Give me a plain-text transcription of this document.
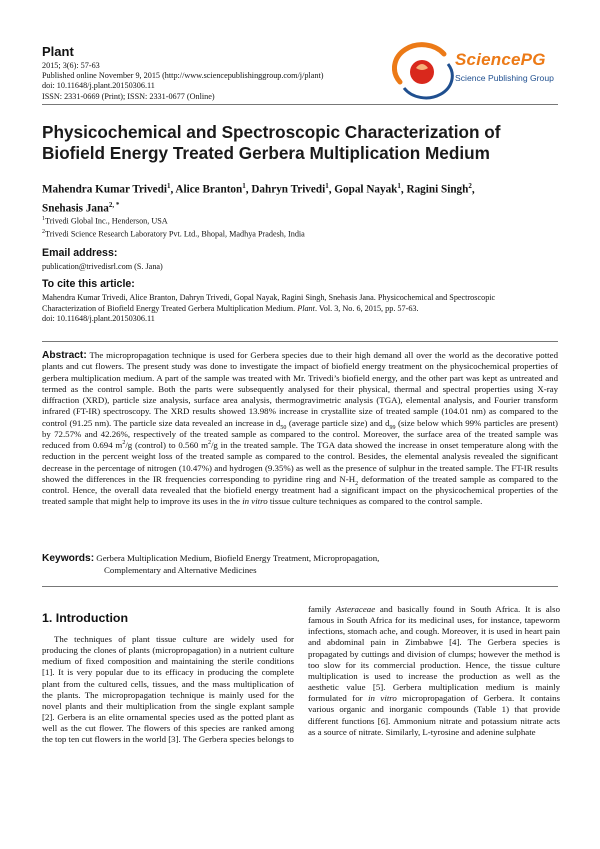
Plant
2015; 3(6): 57-63
Published online November 9, 2015 (http://www.sciencepublishinggroup.com/j/plant)
doi: 10.11648/j.plant.20150306.11
ISSN: 2331-0669 (Print); ISSN: 2331-0677 (Online)
SciencePG
Science Publishing Group
Physicochemical and Spectroscopic Characterization of
Biofield Energy Treated Gerbera Multiplication Medium
Mahendra Kumar Trivedi$^1$, Alice Branton$^1$, Dahryn Trivedi$^1$, Gopal Nayak$^1$, Ragini Singh$^2$,
Snehasis Jana$^{2, *}$
$^1$Trivedi Global Inc., Henderson, USA
$^2$Trivedi Science Research Laboratory Pvt. Ltd., Bhopal, Madhya Pradesh, India
Email address:
publication@trivedisrl.com (S. Jana)
To cite this article:
Mahendra Kumar Trivedi, Alice Branton, Dahryn Trivedi, Gopal Nayak, Ragini Singh, Snehasis Jana. Physicochemical and Spectroscopic
Characterization of Biofield Energy Treated Gerbera Multiplication Medium. Plant. Vol. 3, No. 6, 2015, pp. 57-63.
doi: 10.11648/j.plant.20150306.11
Abstract: The micropropagation technique is used for Gerbera species due to their high demand all over the world as the decorative potted plants and cut flowers. The present study was done to investigate the impact of biofield energy treatment on the physicochemical properties of gerbera multiplication medium. A part of the sample was treated with Mr. Trivedi’s biofield energy, and the other part was kept as untreated and termed as the control sample. Both the parts were subsequently analysed for their physical, thermal and spectral properties using X-ray diffraction (XRD), particle size analysis, surface area analysis, thermogravimetric analysis (TGA), elemental analysis, and Fourier transform infrared (FT-IR) spectroscopy. The XRD results showed 13.98% increase in crystallite size of treated sample (104.01 nm) as compared to the control (91.25 nm). The particle size data revealed an increase in $d_{50}$ (average particle size) and $d_{99}$ (size below which 99% particles are present) by 72.57% and 42.26%, respectively of the treated sample as compared to the control. Moreover, the surface area of the treated sample was reduced from 0.694 $m^2/g$ (control) to 0.560 $m^2/g$ in the treated sample. The TGA data showed the increase in onset temperature along with the reduction in the percent weight loss of the treated sample as compared to the control. Besides, the elemental analysis revealed the significant decrease in the percentage of nitrogen (10.47%) and hydrogen (9.35%) as well as the presence of sulphur in the treated sample. The FT-IR results showed the differences in the IR frequencies corresponding to pyridine ring and $N-H_2$ deformation of the treated sample as compared to the control. Hence, the overall data revealed that the biofield energy treatment had a significant impact on the physicochemical properties of the treated sample that might help to improve its uses in the in vitro tissue culture techniques as compared to the control sample.
Keywords: Gerbera Multiplication Medium, Biofield Energy Treatment, Micropropagation,
Complementary and Alternative Medicines
1. Introduction
The techniques of plant tissue culture are widely used for producing the clones of plants (micropropagation) in a nutrient culture medium of fixed composition and maintaining the sterile conditions [1]. It is very popular due to its efficacy in producing the complete plant from the cultured cells, tissues, and the mass multiplication of the plants. The micropropagation technique is mainly used for the novel plants and their multiplication from the single explant sample [2]. Gerbera is an elite ornamental species used as the potted plant as well as the cut flower. The flowers of this species are ranked among the top ten cut flowers in the world [3]. The Gerbera species belongs to
family Asteraceae and basically found in South Africa. It is also famous in South Africa for its medicinal uses, for instance, tapeworm infections, stomach ache, and cough. Moreover, it is used in heart pain and abdominal pain in Zimbabwe [4]. The Gerbera species is propagated by cuttings and division of clumps; however the method is too slow for its commercial production. Hence, the tissue culture multiplication is used to increase the production as well as the aesthetic value [5]. Gerbera multiplication medium is mainly formulated for in vitro micropropagation of Gerbera. It contains various organic and inorganic compounds (Table 1) that provide different functions [6]. Ammonium nitrate and potassium nitrate acts as a source of nitrate. Similarly, L-tyrosine and adenine sulphate
